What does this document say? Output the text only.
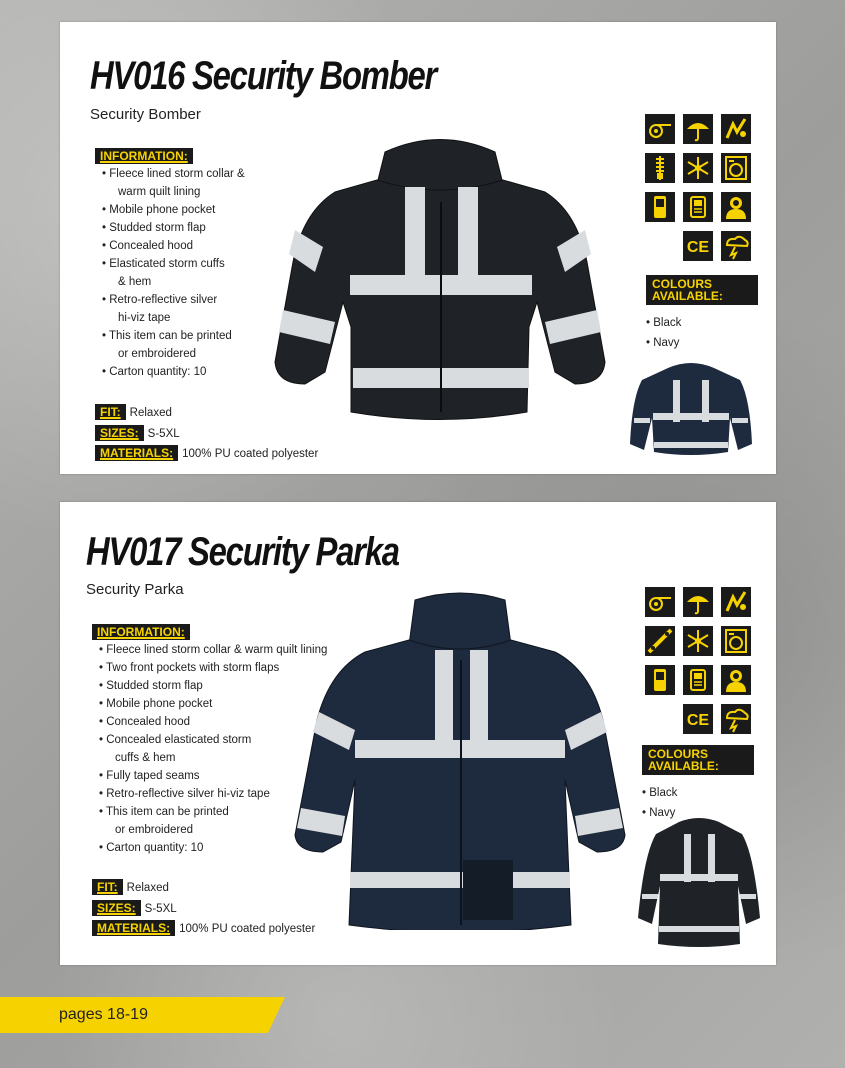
HV016 Security Bomber
Security Bomber
INFORMATION:
• Fleece lined storm collar &
warm quilt lining
• Mobile phone pocket
• Studded storm flap
• Concealed hood
• Elasticated storm cuffs
& hem
• Retro-reflective silver
hi-viz tape
• This item can be printed
or embroidered
• Carton quantity: 10
FIT: Relaxed
SIZES: S-5XL
MATERIALS: 100% PU coated polyester
CE
COLOURS
AVAILABLE:
• Black
• Navy
HV017 Security Parka
Security Parka
INFORMATION:
• Fleece lined storm collar & warm quilt lining
• Two front pockets with storm flaps
• Studded storm flap
• Mobile phone pocket
• Concealed hood
• Concealed elasticated storm
cuffs & hem
• Fully taped seams
• Retro-reflective silver hi-viz tape
• This item can be printed
or embroidered
• Carton quantity: 10
FIT: Relaxed
SIZES: S-5XL
MATERIALS: 100% PU coated polyester
CE
COLOURS
AVAILABLE:
• Black
• Navy
pages 18-19
